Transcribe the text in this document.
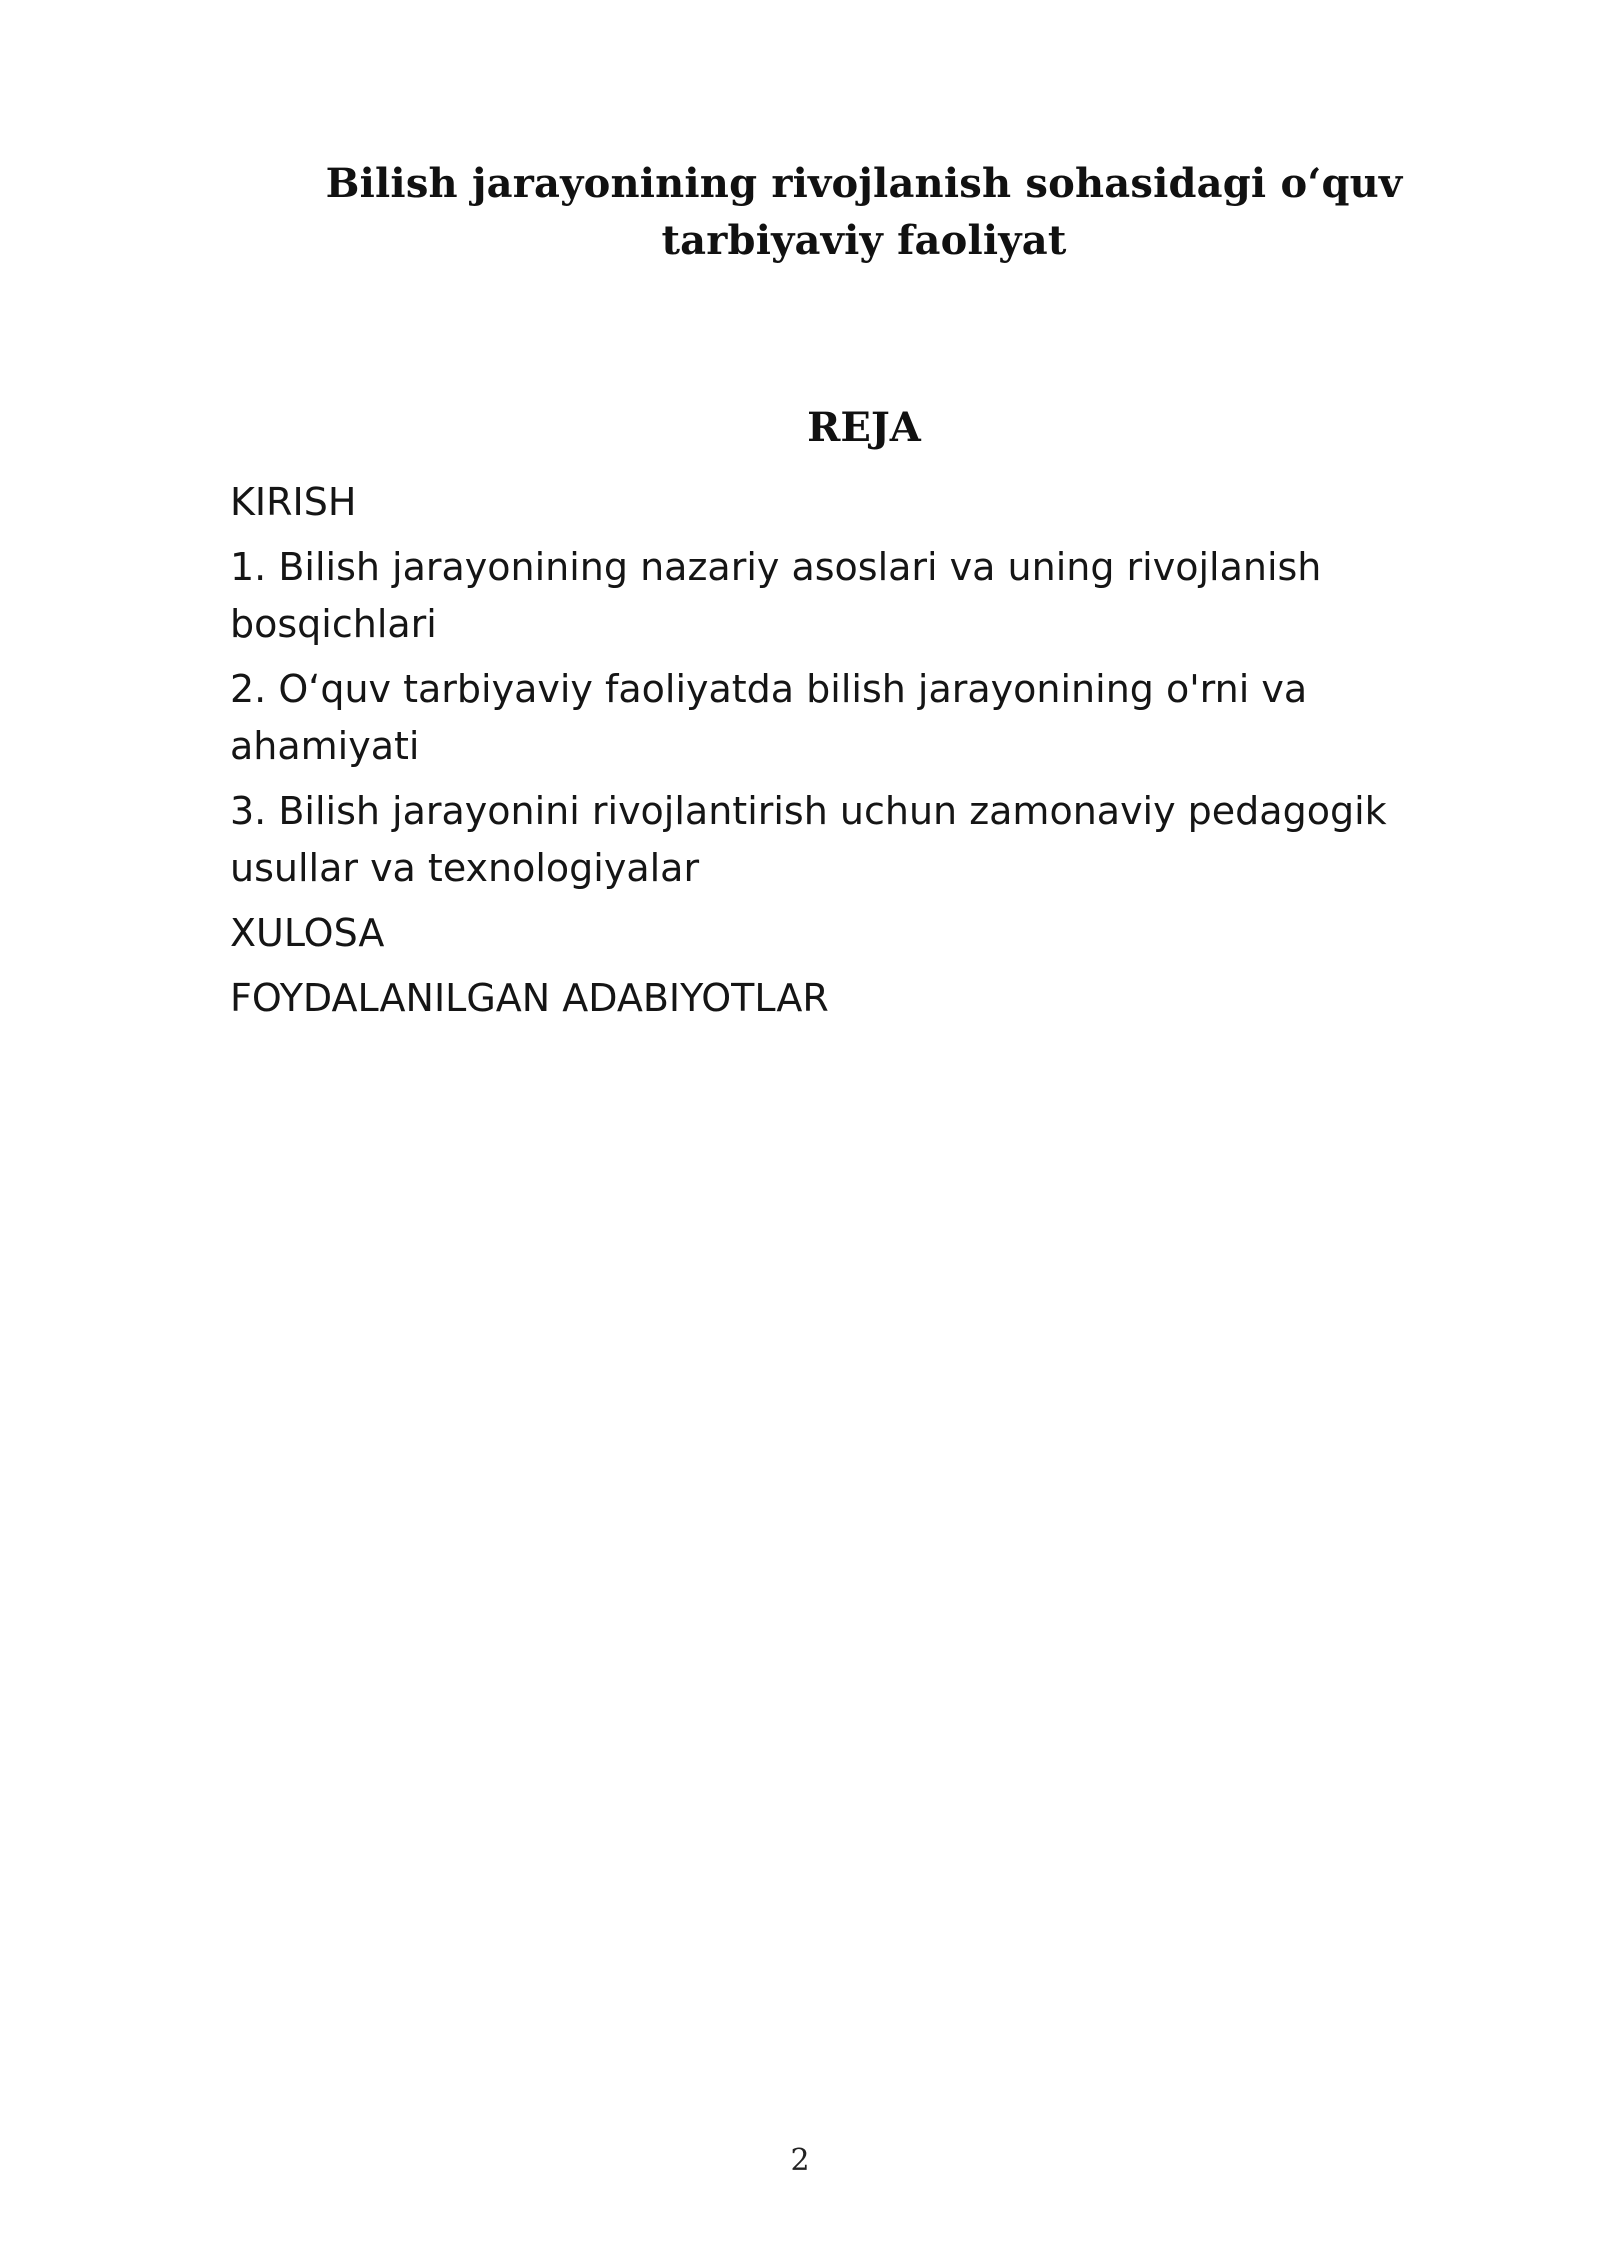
Bilish jarayonining rivojlanish sohasidagi o‘quv tarbiyaviy faoliyat
REJA
KIRISH
1. Bilish jarayonining nazariy asoslari va uning rivojlanish bosqichlari
2. O‘quv tarbiyaviy faoliyatda bilish jarayonining o'rni va ahamiyati
3. Bilish jarayonini rivojlantirish uchun zamonaviy pedagogik usullar va texnologiyalar
XULOSA
FOYDALANILGAN ADABIYOTLAR
2
